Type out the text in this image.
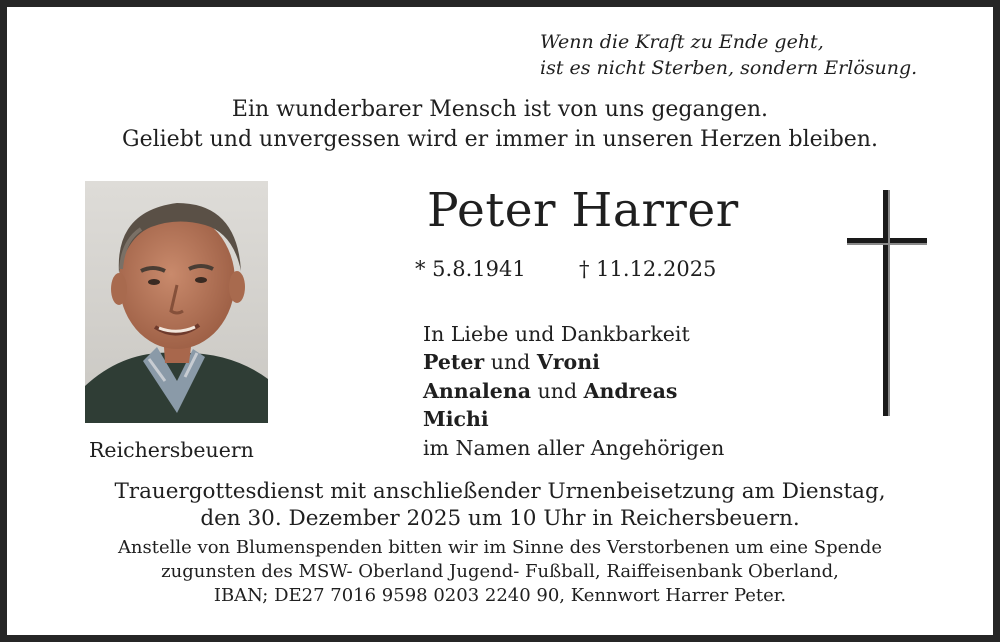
Wenn die Kraft zu Ende geht,
ist es nicht Sterben, sondern Erlösung.
Ein wunderbarer Mensch ist von uns gegangen.
Geliebt und unvergessen wird er immer in unseren Herzen bleiben.
Reichersbeuern
Peter Harrer
* 5.8.1941	† 11.12.2025
In Liebe und Dankbarkeit
Peter und Vroni
Annalena und Andreas
Michi
im Namen aller Angehörigen
Trauergottesdienst mit anschließender Urnenbeisetzung am Dienstag,
den 30. Dezember 2025 um 10 Uhr in Reichersbeuern.
Anstelle von Blumenspenden bitten wir im Sinne des Verstorbenen um eine Spende
zugunsten des MSW- Oberland Jugend- Fußball, Raiffeisenbank Oberland,
IBAN; DE27 7016 9598 0203 2240 90, Kennwort Harrer Peter.
